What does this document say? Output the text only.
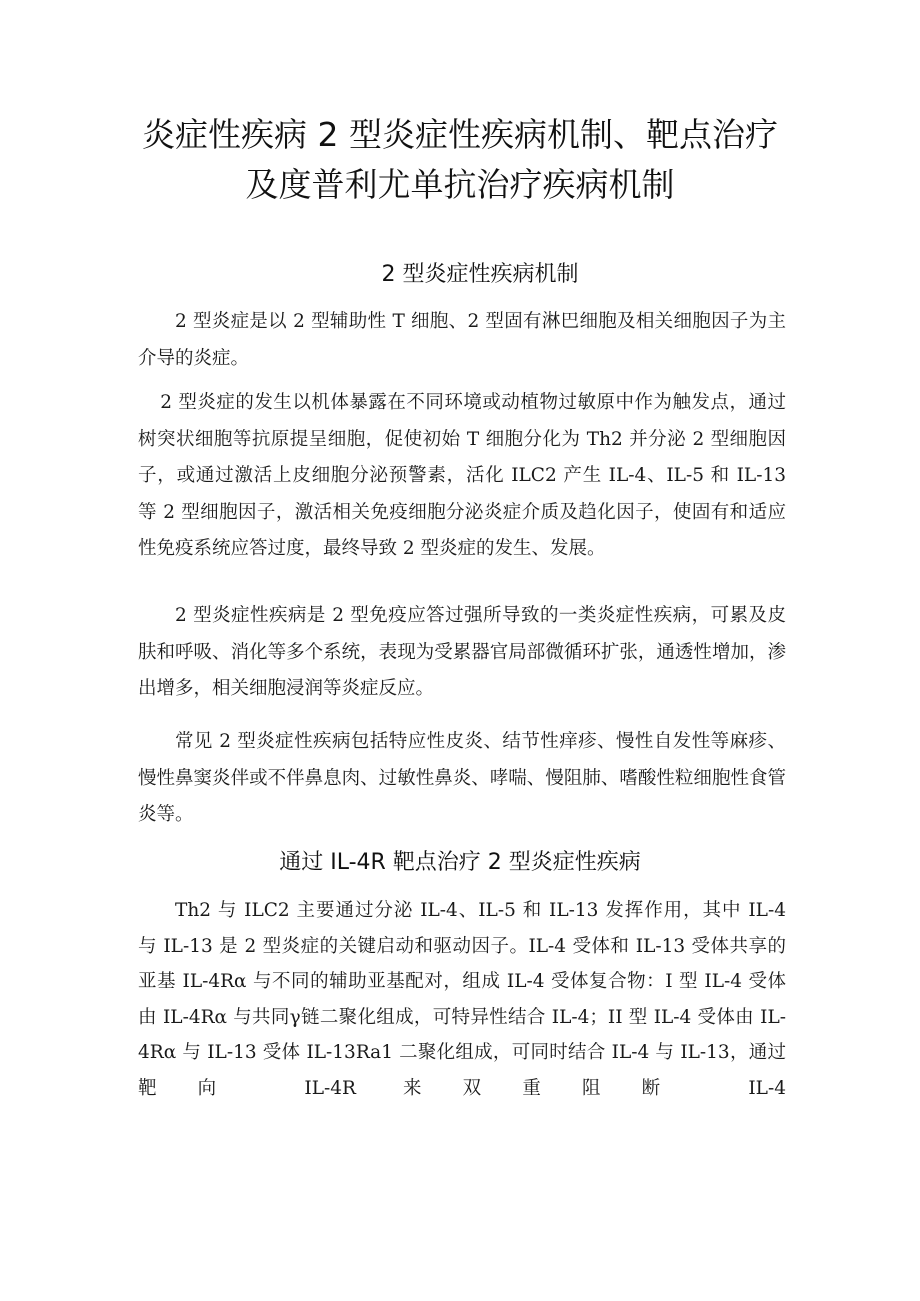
炎症性疾病 2 型炎症性疾病机制、靶点治疗
及度普利尤单抗治疗疾病机制
2 型炎症性疾病机制

2 型炎症是以 2 型辅助性 T 细胞、2 型固有淋巴细胞及相关细胞因子为主介导的炎症。

2 型炎症的发生以机体暴露在不同环境或动植物过敏原中作为触发点，通过树突状细胞等抗原提呈细胞，促使初始 T 细胞分化为 Th2 并分泌 2 型细胞因子，或通过激活上皮细胞分泌预警素，活化 ILC2 产生 IL-4、IL-5 和 IL-13 等 2 型细胞因子，激活相关免疫细胞分泌炎症介质及趋化因子，使固有和适应性免疫系统应答过度，最终导致 2 型炎症的发生、发展。

2 型炎症性疾病是 2 型免疫应答过强所导致的一类炎症性疾病，可累及皮肤和呼吸、消化等多个系统，表现为受累器官局部微循环扩张，通透性增加，渗出增多，相关细胞浸润等炎症反应。

常见 2 型炎症性疾病包括特应性皮炎、结节性痒疹、慢性自发性等麻疹、慢性鼻窦炎伴或不伴鼻息肉、过敏性鼻炎、哮喘、慢阻肺、嗜酸性粒细胞性食管炎等。

通过 IL-4R 靶点治疗 2 型炎症性疾病

Th2 与 ILC2 主要通过分泌 IL-4、IL-5 和 IL-13 发挥作用，其中 IL-4 与 IL-13 是 2 型炎症的关键启动和驱动因子。IL-4 受体和 IL-13 受体共享的亚基 IL-4Rα 与不同的辅助亚基配对，组成 IL-4 受体复合物：I 型 IL-4 受体由 IL-4Rα 与共同γ链二聚化组成，可特异性结合 IL-4；II 型 IL-4 受体由 IL-4Rα 与 IL-13 受体 IL-13Ra1 二聚化组成，可同时结合 IL-4 与 IL-13，通过靶向 IL-4R 来双重阻断 IL-4
